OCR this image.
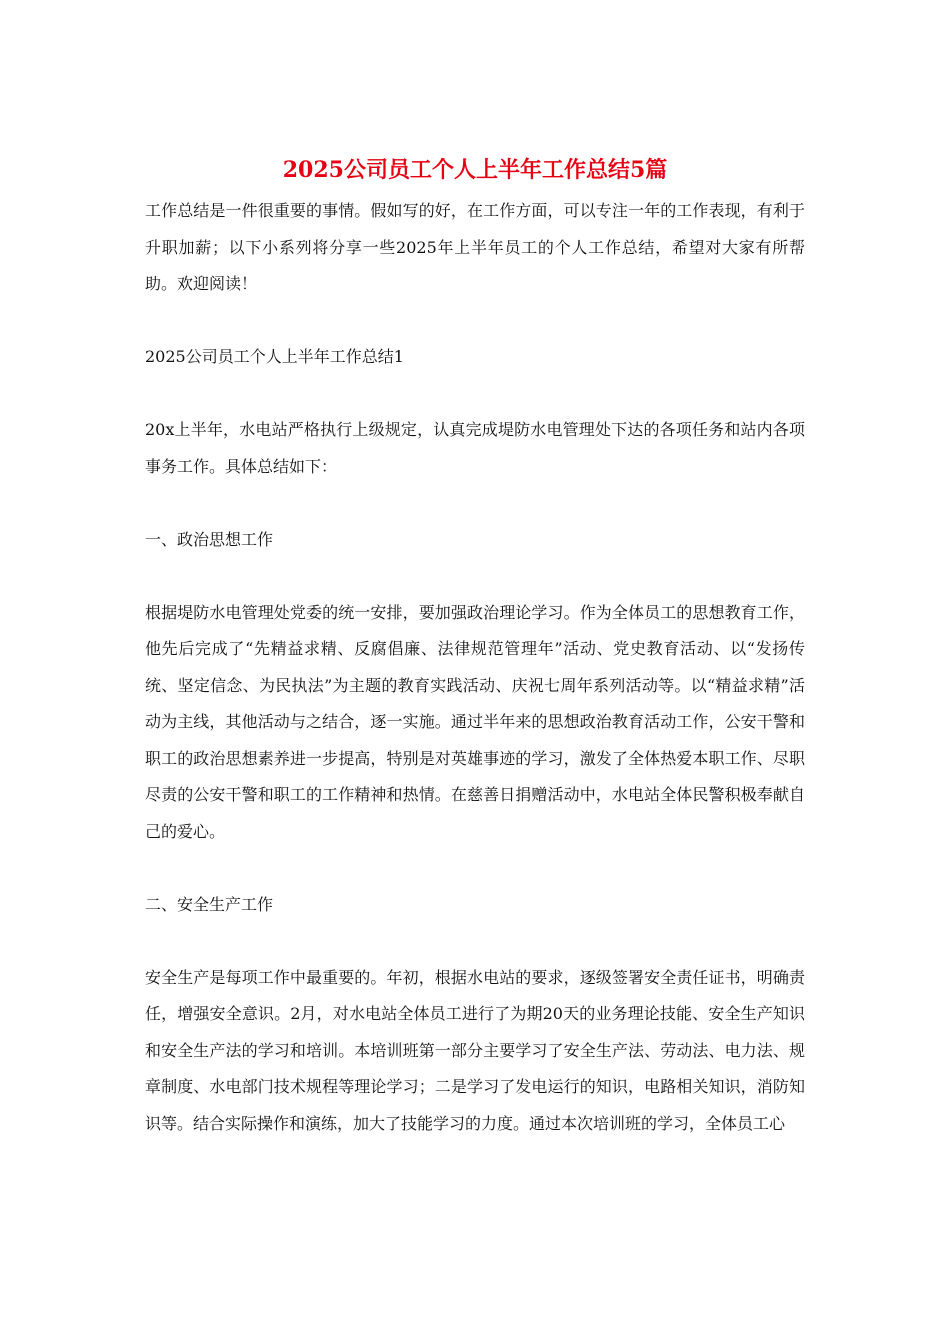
2025公司员工个人上半年工作总结5篇

工作总结是一件很重要的事情。假如写的好，在工作方面，可以专注一年的工作表现，有利于升职加薪；以下小系列将分享一些2025年上半年员工的个人工作总结，希望对大家有所帮助。欢迎阅读！

2025公司员工个人上半年工作总结1

20x上半年，水电站严格执行上级规定，认真完成堤防水电管理处下达的各项任务和站内各项事务工作。具体总结如下：

一、政治思想工作

根据堤防水电管理处党委的统一安排，要加强政治理论学习。作为全体员工的思想教育工作，他先后完成了“先精益求精、反腐倡廉、法律规范管理年”活动、党史教育活动、以“发扬传统、坚定信念、为民执法”为主题的教育实践活动、庆祝七周年系列活动等。以“精益求精”活动为主线，其他活动与之结合，逐一实施。通过半年来的思想政治教育活动工作，公安干警和职工的政治思想素养进一步提高，特别是对英雄事迹的学习，激发了全体热爱本职工作、尽职尽责的公安干警和职工的工作精神和热情。在慈善日捐赠活动中，水电站全体民警积极奉献自己的爱心。

二、安全生产工作

安全生产是每项工作中最重要的。年初，根据水电站的要求，逐级签署安全责任证书，明确责任，增强安全意识。2月，对水电站全体员工进行了为期20天的业务理论技能、安全生产知识和安全生产法的学习和培训。本培训班第一部分主要学习了安全生产法、劳动法、电力法、规章制度、水电部门技术规程等理论学习；二是学习了发电运行的知识，电路相关知识，消防知识等。结合实际操作和演练，加大了技能学习的力度。通过本次培训班的学习，全体员工心
